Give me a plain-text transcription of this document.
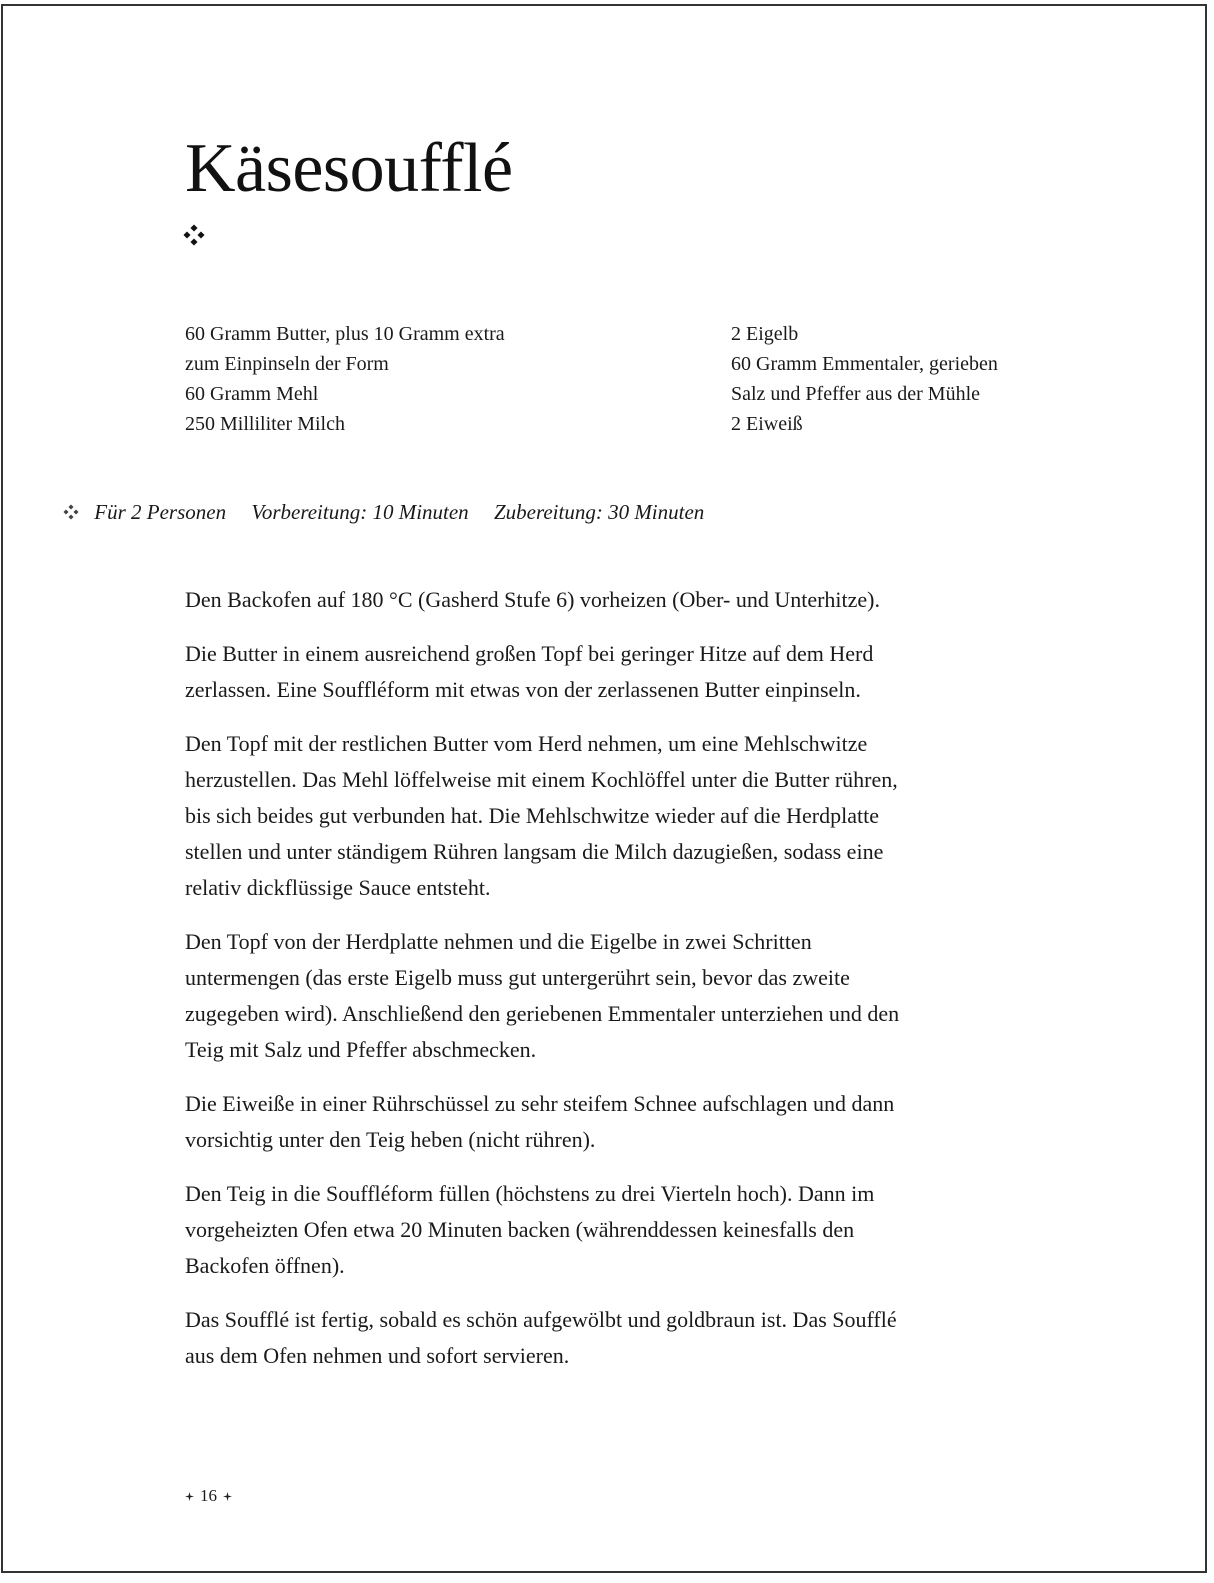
Käsesoufflé
60 Gramm Butter, plus 10 Gramm extra
zum Einpinseln der Form
60 Gramm Mehl
250 Milliliter Milch
2 Eigelb
60 Gramm Emmentaler, gerieben
Salz und Pfeffer aus der Mühle
2 Eiweiß
Für 2 Personen Vorbereitung: 10 Minuten Zubereitung: 30 Minuten

Den Backofen auf 180 °C (Gasherd Stufe 6) vorheizen (Ober- und Unterhitze).

Die Butter in einem ausreichend großen Topf bei geringer Hitze auf dem Herd zerlassen. Eine Souffléform mit etwas von der zerlassenen Butter einpinseln.

Den Topf mit der restlichen Butter vom Herd nehmen, um eine Mehlschwitze herzustellen. Das Mehl löffelweise mit einem Kochlöffel unter die Butter rühren, bis sich beides gut verbunden hat. Die Mehlschwitze wieder auf die Herdplatte stellen und unter ständigem Rühren langsam die Milch dazugießen, sodass eine relativ dickflüssige Sauce entsteht.

Den Topf von der Herdplatte nehmen und die Eigelbe in zwei Schritten untermengen (das erste Eigelb muss gut untergerührt sein, bevor das zweite zugegeben wird). Anschließend den geriebenen Emmentaler unterziehen und den Teig mit Salz und Pfeffer abschmecken.

Die Eiweiße in einer Rührschüssel zu sehr steifem Schnee aufschlagen und dann vorsichtig unter den Teig heben (nicht rühren).

Den Teig in die Souffléform füllen (höchstens zu drei Vierteln hoch). Dann im vorgeheizten Ofen etwa 20 Minuten backen (währenddessen keinesfalls den Backofen öffnen).

Das Soufflé ist fertig, sobald es schön aufgewölbt und goldbraun ist. Das Soufflé aus dem Ofen nehmen und sofort servieren.

16
